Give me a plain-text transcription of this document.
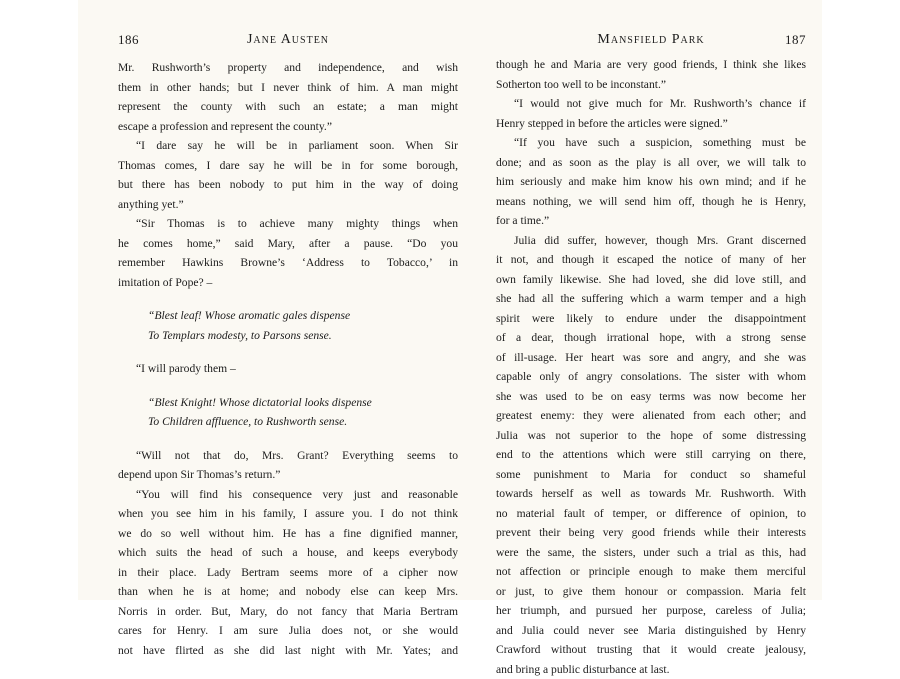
186	Jane Austen
Mr. Rushworth’s property and independence, and wish
them in other hands; but I never think of him. A man might
represent the county with such an estate; a man might
escape a profession and represent the county.”
“I dare say he will be in parliament soon. When Sir
Thomas comes, I dare say he will be in for some borough,
but there has been nobody to put him in the way of doing
anything yet.”
“Sir Thomas is to achieve many mighty things when
he comes home,” said Mary, after a pause. “Do you
remember Hawkins Browne’s ‘Address to Tobacco,’ in
imitation of Pope? –
“Blest leaf! Whose aromatic gales dispense
To Templars modesty, to Parsons sense.
“I will parody them –
“Blest Knight! Whose dictatorial looks dispense
To Children affluence, to Rushworth sense.
“Will not that do, Mrs. Grant? Everything seems to
depend upon Sir Thomas’s return.”
“You will find his consequence very just and reasonable
when you see him in his family, I assure you. I do not think
we do so well without him. He has a fine dignified manner,
which suits the head of such a house, and keeps everybody
in their place. Lady Bertram seems more of a cipher now
than when he is at home; and nobody else can keep Mrs.
Norris in order. But, Mary, do not fancy that Maria Bertram
cares for Henry. I am sure Julia does not, or she would
not have flirted as she did last night with Mr. Yates; and
Mansfield Park	187
though he and Maria are very good friends, I think she likes
Sotherton too well to be inconstant.”
“I would not give much for Mr. Rushworth’s chance if
Henry stepped in before the articles were signed.”
“If you have such a suspicion, something must be
done; and as soon as the play is all over, we will talk to
him seriously and make him know his own mind; and if he
means nothing, we will send him off, though he is Henry,
for a time.”
Julia did suffer, however, though Mrs. Grant discerned
it not, and though it escaped the notice of many of her
own family likewise. She had loved, she did love still, and
she had all the suffering which a warm temper and a high
spirit were likely to endure under the disappointment
of a dear, though irrational hope, with a strong sense
of ill-usage. Her heart was sore and angry, and she was
capable only of angry consolations. The sister with whom
she was used to be on easy terms was now become her
greatest enemy: they were alienated from each other; and
Julia was not superior to the hope of some distressing
end to the attentions which were still carrying on there,
some punishment to Maria for conduct so shameful
towards herself as well as towards Mr. Rushworth. With
no material fault of temper, or difference of opinion, to
prevent their being very good friends while their interests
were the same, the sisters, under such a trial as this, had
not affection or principle enough to make them merciful
or just, to give them honour or compassion. Maria felt
her triumph, and pursued her purpose, careless of Julia;
and Julia could never see Maria distinguished by Henry
Crawford without trusting that it would create jealousy,
and bring a public disturbance at last.
